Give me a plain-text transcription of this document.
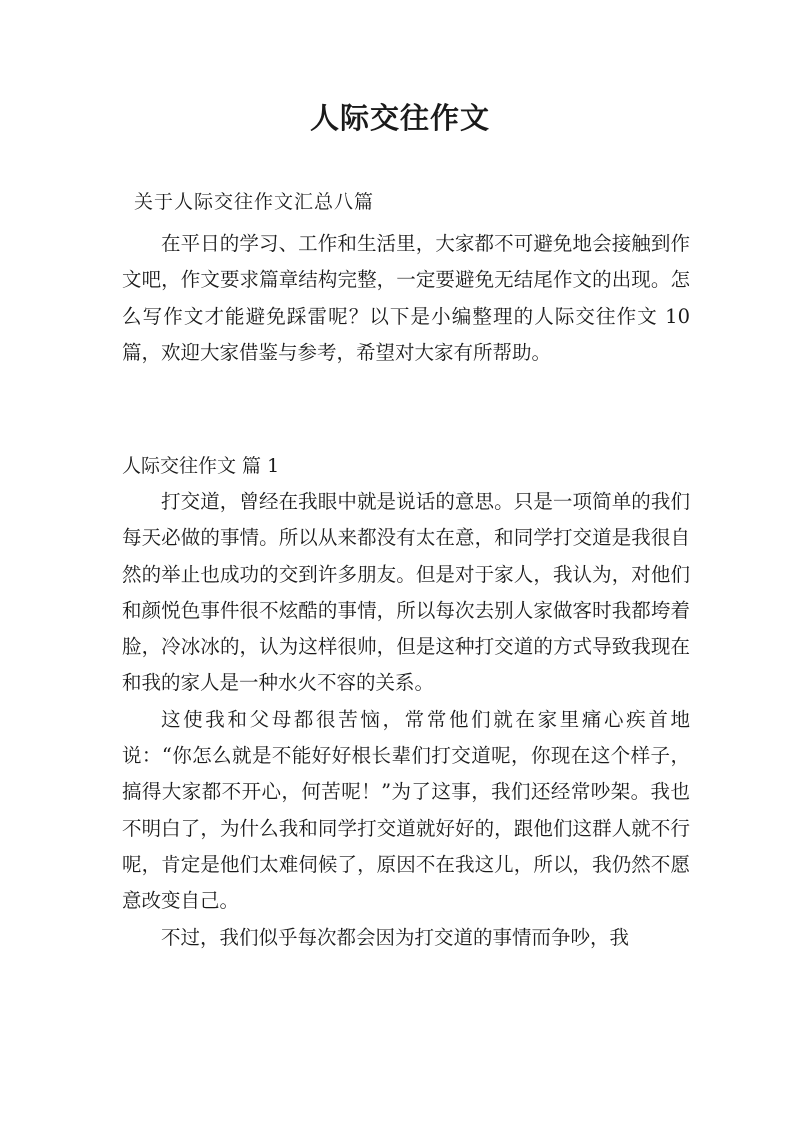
人际交往作文
关于人际交往作文汇总八篇

在平日的学习、工作和生活里，大家都不可避免地会接触到作文吧，作文要求篇章结构完整，一定要避免无结尾作文的出现。怎么写作文才能避免踩雷呢？以下是小编整理的人际交往作文 10 篇，欢迎大家借鉴与参考，希望对大家有所帮助。

人际交往作文 篇 1

打交道，曾经在我眼中就是说话的意思。只是一项简单的我们每天必做的事情。所以从来都没有太在意，和同学打交道是我很自然的举止也成功的交到许多朋友。但是对于家人，我认为，对他们和颜悦色事件很不炫酷的事情，所以每次去别人家做客时我都垮着脸，冷冰冰的，认为这样很帅，但是这种打交道的方式导致我现在和我的家人是一种水火不容的关系。

这使我和父母都很苦恼，常常他们就在家里痛心疾首地说：“你怎么就是不能好好根长辈们打交道呢，你现在这个样子，搞得大家都不开心，何苦呢！”为了这事，我们还经常吵架。我也不明白了，为什么我和同学打交道就好好的，跟他们这群人就不行呢，肯定是他们太难伺候了，原因不在我这儿，所以，我仍然不愿意改变自己。

不过，我们似乎每次都会因为打交道的事情而争吵，我
